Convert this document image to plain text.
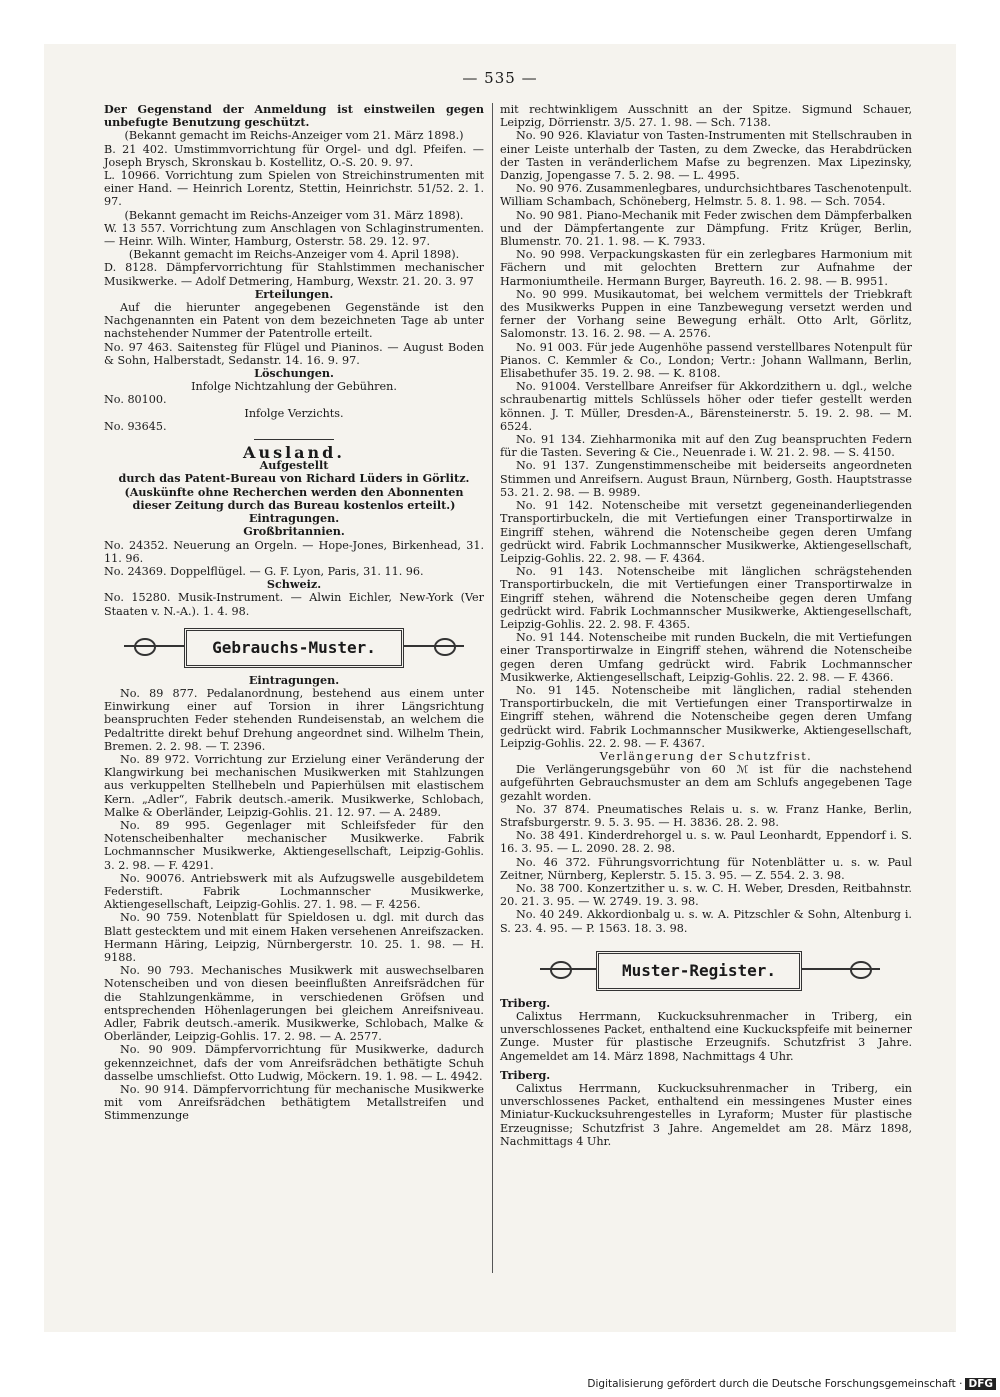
— 535 —

Der Gegenstand der Anmeldung ist einstweilen gegen unbefugte Benutzung geschützt.

(Bekannt gemacht im Reichs-Anzeiger vom 21. März 1898.)

B. 21 402. Umstimmvorrichtung für Orgel- und dgl. Pfeifen. — Joseph Brysch, Skronskau b. Kostellitz, O.-S. 20. 9. 97.

L. 10966. Vorrichtung zum Spielen von Streichinstrumenten mit einer Hand. — Heinrich Lorentz, Stettin, Heinrichstr. 51/52. 2. 1. 97.

(Bekannt gemacht im Reichs-Anzeiger vom 31. März 1898).

W. 13 557. Vorrichtung zum Anschlagen von Schlaginstrumenten. — Heinr. Wilh. Winter, Hamburg, Osterstr. 58. 29. 12. 97.

(Bekannt gemacht im Reichs-Anzeiger vom 4. April 1898).

D. 8128. Dämpfervorrichtung für Stahlstimmen mechanischer Musikwerke. — Adolf Detmering, Hamburg, Wexstr. 21. 20. 3. 97

Erteilungen.

Auf die hierunter angegebenen Gegenstände ist den Nachgenannten ein Patent von dem bezeichneten Tage ab unter nachstehender Nummer der Patentrolle erteilt.

No. 97 463. Saitensteg für Flügel und Pianinos. — August Boden & Sohn, Halberstadt, Sedanstr. 14. 16. 9. 97.

Löschungen.

Infolge Nichtzahlung der Gebühren.

No. 80100.

Infolge Verzichts.

No. 93645.

Ausland.

Aufgestellt

durch das Patent-Bureau von Richard Lüders in Görlitz.

(Auskünfte ohne Recherchen werden den Abonnenten dieser Zeitung durch das Bureau kostenlos erteilt.)

Eintragungen.

Großbritannien.

No. 24352. Neuerung an Orgeln. — Hope-Jones, Birkenhead, 31. 11. 96.

No. 24369. Doppelflügel. — G. F. Lyon, Paris, 31. 11. 96.

Schweiz.

No. 15280. Musik-Instrument. — Alwin Eichler, New-York (Ver Staaten v. N.-A.). 1. 4. 98.

Gebrauchs-Muster.

Eintragungen.

No. 89 877. Pedalanordnung, bestehend aus einem unter Einwirkung einer auf Torsion in ihrer Längsrichtung beanspruchten Feder stehenden Rundeisenstab, an welchem die Pedaltritte direkt behuf Drehung angeordnet sind. Wilhelm Thein, Bremen. 2. 2. 98. — T. 2396.

No. 89 972. Vorrichtung zur Erzielung einer Veränderung der Klangwirkung bei mechanischen Musikwerken mit Stahlzungen aus verkuppelten Stellhebeln und Papierhülsen mit elastischem Kern. „Adler“, Fabrik deutsch.-amerik. Musikwerke, Schlobach, Malke & Oberländer, Leipzig-Gohlis. 21. 12. 97. — A. 2489.

No. 89 995. Gegenlager mit Schleifsfeder für den Notenscheibenhalter mechanischer Musikwerke. Fabrik Lochmannscher Musikwerke, Aktiengesellschaft, Leipzig-Gohlis. 3. 2. 98. — F. 4291.

No. 90076. Antriebswerk mit als Aufzugswelle ausgebildetem Federstift. Fabrik Lochmannscher Musikwerke, Aktiengesellschaft, Leipzig-Gohlis. 27. 1. 98. — F. 4256.

No. 90 759. Notenblatt für Spieldosen u. dgl. mit durch das Blatt gestecktem und mit einem Haken versehenen Anreifszacken. Hermann Häring, Leipzig, Nürnbergerstr. 10. 25. 1. 98. — H. 9188.

No. 90 793. Mechanisches Musikwerk mit auswechselbaren Notenscheiben und von diesen beeinflußten Anreifsrädchen für die Stahlzungenkämme, in verschiedenen Gröfsen und entsprechenden Höhenlagerungen bei gleichem Anreifsniveau. Adler, Fabrik deutsch.-amerik. Musikwerke, Schlobach, Malke & Oberländer, Leipzig-Gohlis. 17. 2. 98. — A. 2577.

No. 90 909. Dämpfervorrichtung für Musikwerke, dadurch gekennzeichnet, dafs der vom Anreifsrädchen bethätigte Schuh dasselbe umschliefst. Otto Ludwig, Möckern. 19. 1. 98. — L. 4942.

No. 90 914. Dämpfervorrichtung für mechanische Musikwerke mit vom Anreifsrädchen bethätigtem Metallstreifen und Stimmenzunge

mit rechtwinkligem Ausschnitt an der Spitze. Sigmund Schauer, Leipzig, Dörrienstr. 3/5. 27. 1. 98. — Sch. 7138.

No. 90 926. Klaviatur von Tasten-Instrumenten mit Stellschrauben in einer Leiste unterhalb der Tasten, zu dem Zwecke, das Herabdrücken der Tasten in veränderlichem Mafse zu begrenzen. Max Lipezinsky, Danzig, Jopengasse 7. 5. 2. 98. — L. 4995.

No. 90 976. Zusammenlegbares, undurchsichtbares Taschenotenpult. William Schambach, Schöneberg, Helmstr. 5. 8. 1. 98. — Sch. 7054.

No. 90 981. Piano-Mechanik mit Feder zwischen dem Dämpferbalken und der Dämpfertangente zur Dämpfung. Fritz Krüger, Berlin, Blumenstr. 70. 21. 1. 98. — K. 7933.

No. 90 998. Verpackungskasten für ein zerlegbares Harmonium mit Fächern und mit gelochten Brettern zur Aufnahme der Harmoniumtheile. Hermann Burger, Bayreuth. 16. 2. 98. — B. 9951.

No. 90 999. Musikautomat, bei welchem vermittels der Triebkraft des Musikwerks Puppen in eine Tanzbewegung versetzt werden und ferner der Vorhang seine Bewegung erhält. Otto Arlt, Görlitz, Salomonstr. 13. 16. 2. 98. — A. 2576.

No. 91 003. Für jede Augenhöhe passend verstellbares Notenpult für Pianos. C. Kemmler & Co., London; Vertr.: Johann Wallmann, Berlin, Elisabethufer 35. 19. 2. 98. — K. 8108.

No. 91004. Verstellbare Anreifser für Akkordzithern u. dgl., welche schraubenartig mittels Schlüssels höher oder tiefer gestellt werden können. J. T. Müller, Dresden-A., Bärensteinerstr. 5. 19. 2. 98. — M. 6524.

No. 91 134. Ziehharmonika mit auf den Zug beanspruchten Federn für die Tasten. Severing & Cie., Neuenrade i. W. 21. 2. 98. — S. 4150.

No. 91 137. Zungenstimmenscheibe mit beiderseits angeordneten Stimmen und Anreifsern. August Braun, Nürnberg, Gosth. Hauptstrasse 53. 21. 2. 98. — B. 9989.

No. 91 142. Notenscheibe mit versetzt gegeneinanderliegenden Transportirbuckeln, die mit Vertiefungen einer Transportirwalze in Eingriff stehen, während die Notenscheibe gegen deren Umfang gedrückt wird. Fabrik Lochmannscher Musikwerke, Aktiengesellschaft, Leipzig-Gohlis. 22. 2. 98. — F. 4364.

No. 91 143. Notenscheibe mit länglichen schrägstehenden Transportirbuckeln, die mit Vertiefungen einer Transportirwalze in Eingriff stehen, während die Notenscheibe gegen deren Umfang gedrückt wird. Fabrik Lochmannscher Musikwerke, Aktiengesellschaft, Leipzig-Gohlis. 22. 2. 98. F. 4365.

No. 91 144. Notenscheibe mit runden Buckeln, die mit Vertiefungen einer Transportirwalze in Eingriff stehen, während die Notenscheibe gegen deren Umfang gedrückt wird. Fabrik Lochmannscher Musikwerke, Aktiengesellschaft, Leipzig-Gohlis. 22. 2. 98. — F. 4366.

No. 91 145. Notenscheibe mit länglichen, radial stehenden Transportirbuckeln, die mit Vertiefungen einer Transportirwalze in Eingriff stehen, während die Notenscheibe gegen deren Umfang gedrückt wird. Fabrik Lochmannscher Musikwerke, Aktiengesellschaft, Leipzig-Gohlis. 22. 2. 98. — F. 4367.

Verlängerung der Schutzfrist.

Die Verlängerungsgebühr von 60 ℳ ist für die nachstehend aufgeführten Gebrauchsmuster an dem am Schlufs angegebenen Tage gezahlt worden.

No. 37 874. Pneumatisches Relais u. s. w. Franz Hanke, Berlin, Strafsburgerstr. 9. 5. 3. 95. — H. 3836. 28. 2. 98.

No. 38 491. Kinderdrehorgel u. s. w. Paul Leonhardt, Eppendorf i. S. 16. 3. 95. — L. 2090. 28. 2. 98.

No. 46 372. Führungsvorrichtung für Notenblätter u. s. w. Paul Zeitner, Nürnberg, Keplerstr. 5. 15. 3. 95. — Z. 554. 2. 3. 98.

No. 38 700. Konzertzither u. s. w. C. H. Weber, Dresden, Reitbahnstr. 20. 21. 3. 95. — W. 2749. 19. 3. 98.

No. 40 249. Akkordionbalg u. s. w. A. Pitzschler & Sohn, Altenburg i. S. 23. 4. 95. — P. 1563. 18. 3. 98.

Muster-Register.

Triberg.

Calixtus Herrmann, Kuckucksuhrenmacher in Triberg, ein unverschlossenes Packet, enthaltend eine Kuckuckspfeife mit beinerner Zunge. Muster für plastische Erzeugnifs. Schutzfrist 3 Jahre. Angemeldet am 14. März 1898, Nachmittags 4 Uhr.

Triberg.

Calixtus Herrmann, Kuckucksuhrenmacher in Triberg, ein unverschlossenes Packet, enthaltend ein messingenes Muster eines Miniatur-Kuckucksuhrengestelles in Lyraform; Muster für plastische Erzeugnisse; Schutzfrist 3 Jahre. Angemeldet am 28. März 1898, Nachmittags 4 Uhr.

Digitalisierung gefördert durch die Deutsche Forschungsgemeinschaft · DFG
